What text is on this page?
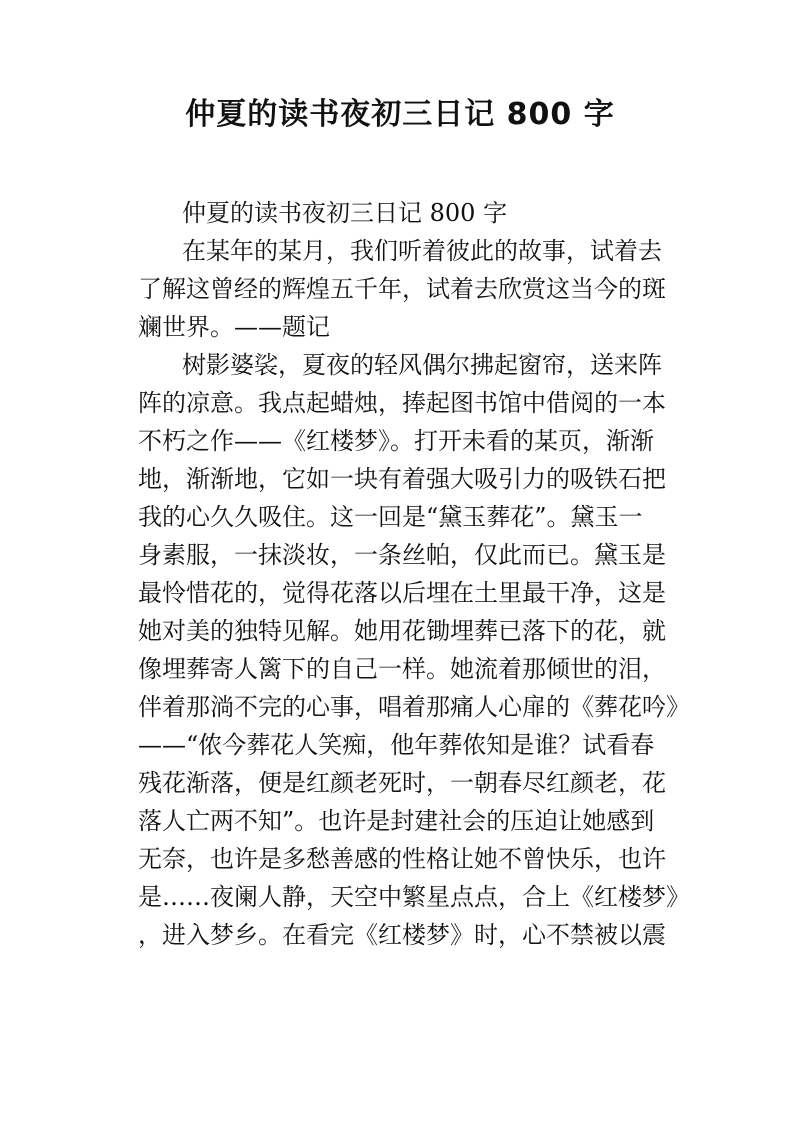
仲夏的读书夜初三日记 800 字
仲夏的读书夜初三日记 800 字
在某年的某月，我们听着彼此的故事，试着去
了解这曾经的辉煌五千年，试着去欣赏这当今的斑
斓世界。——题记
树影婆裟，夏夜的轻风偶尔拂起窗帘，送来阵
阵的凉意。我点起蜡烛，捧起图书馆中借阅的一本
不朽之作——《红楼梦》。打开未看的某页，渐渐
地，渐渐地，它如一块有着强大吸引力的吸铁石把
我的心久久吸住。这一回是“黛玉葬花”。黛玉一
身素服，一抹淡妆，一条丝帕，仅此而已。黛玉是
最怜惜花的，觉得花落以后埋在土里最干净，这是
她对美的独特见解。她用花锄埋葬已落下的花，就
像埋葬寄人篱下的自己一样。她流着那倾世的泪，
伴着那淌不完的心事，唱着那痛人心扉的《葬花吟》
——“侬今葬花人笑痴，他年葬侬知是谁？试看春
残花渐落，便是红颜老死时，一朝春尽红颜老，花
落人亡两不知”。也许是封建社会的压迫让她感到
无奈，也许是多愁善感的性格让她不曾快乐，也许
是……夜阑人静，天空中繁星点点，合上《红楼梦》
，进入梦乡。在看完《红楼梦》时，心不禁被以震
